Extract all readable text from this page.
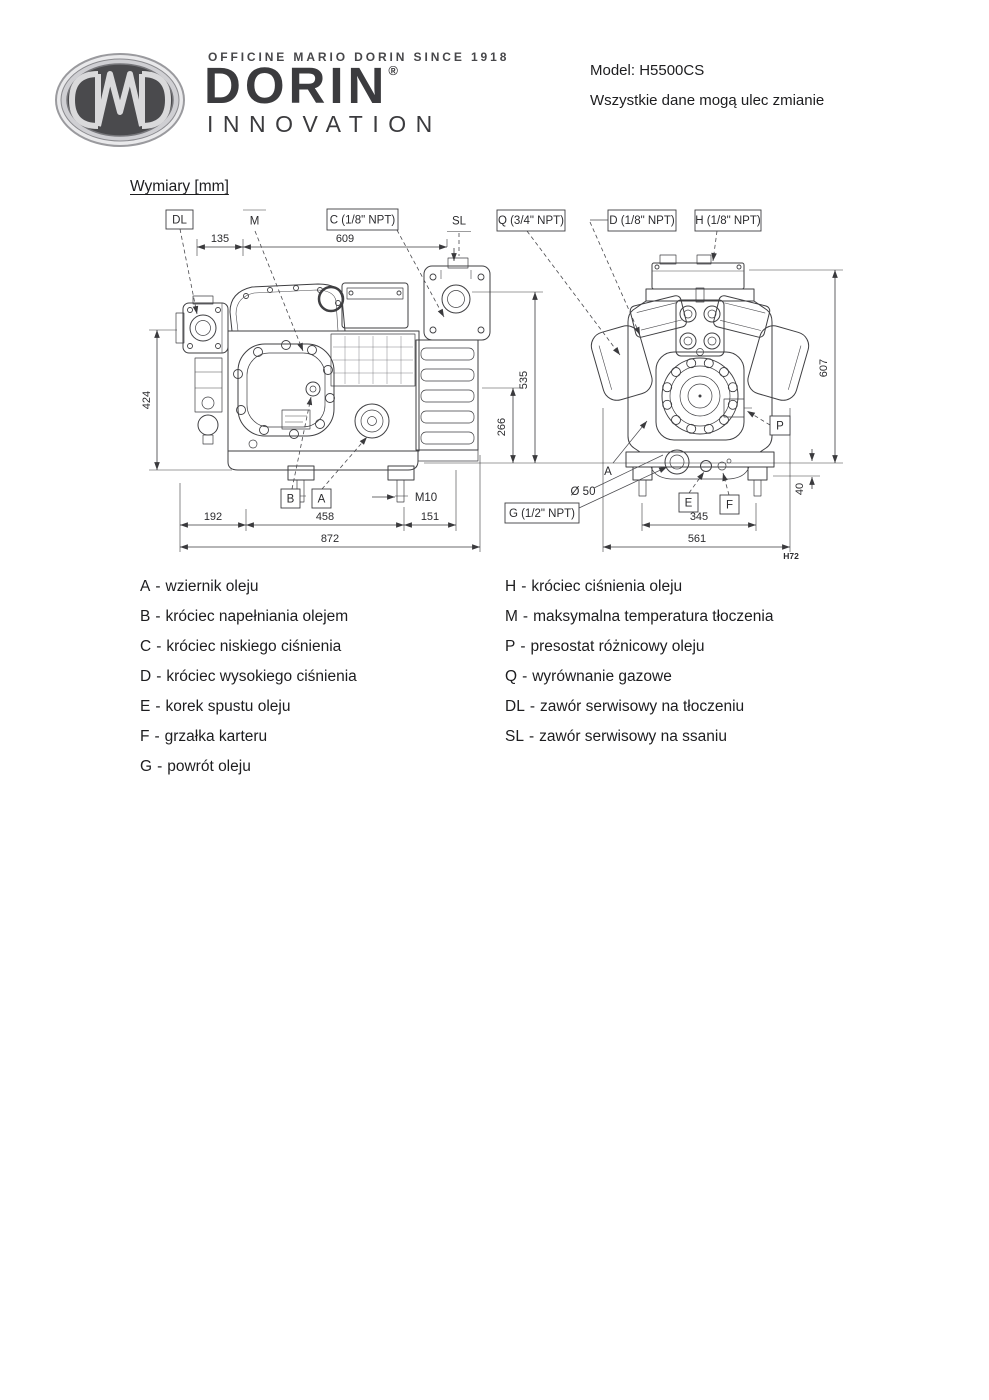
OFFICINE MARIO DORIN SINCE 1918
DORIN®
INNOVATION
Model: H5500CS
Wszystkie dane mogą ulec zmianie
Wymiary [mm]
DL	M	C (1/8" NPT)	SL
B A	M10
Q (3/4" NPT)	D (1/8" NPT) H (1/8" NPT)
P
G (1/2" NPT)
E	F
A
Ø 50
135	609
424
535
266
192	458	151
872
607
40
345
561
H72
A - wziernik oleju
B - króciec napełniania olejem
C - króciec niskiego ciśnienia
D - króciec wysokiego ciśnienia
E - korek spustu oleju
F - grzałka karteru
G - powrót oleju
H - króciec ciśnienia oleju
M - maksymalna temperatura tłoczenia
P - presostat różnicowy oleju
Q - wyrównanie gazowe
DL - zawór serwisowy na tłoczeniu
SL - zawór serwisowy na ssaniu
